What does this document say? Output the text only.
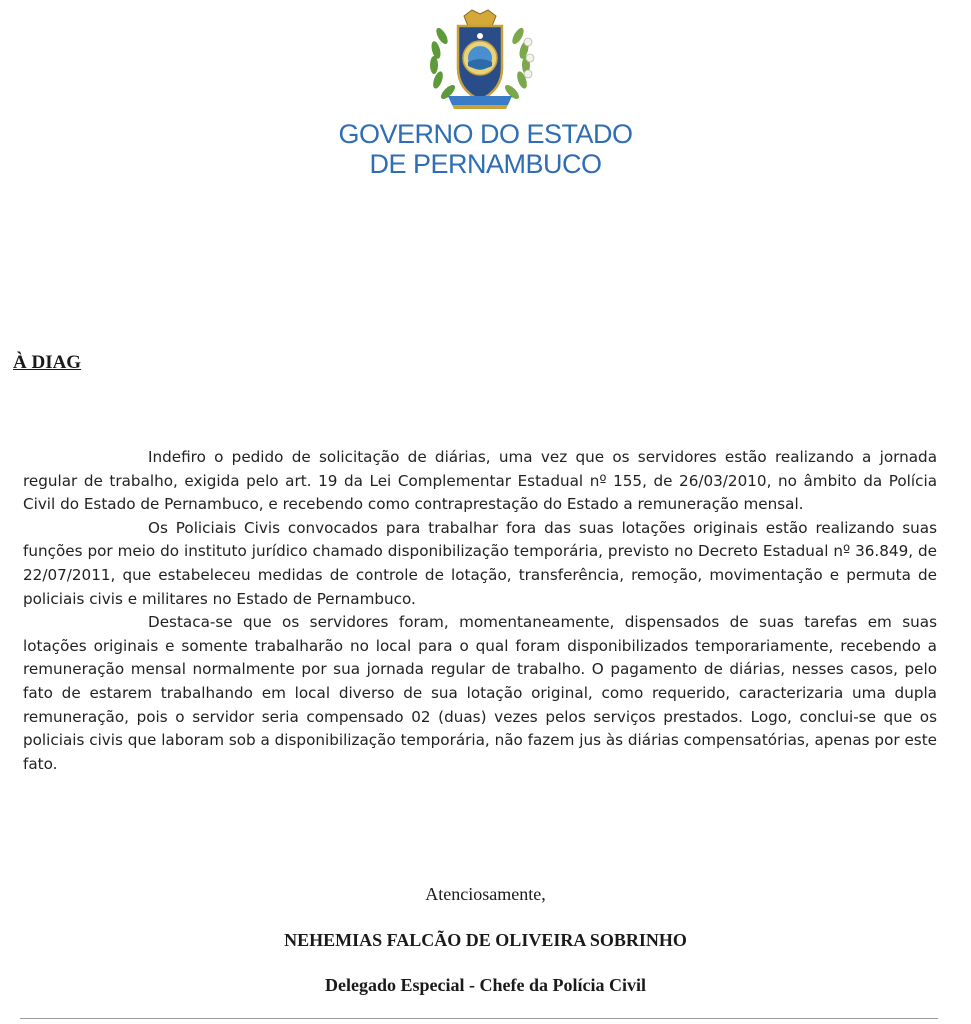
GOVERNO DO ESTADO
DE PERNAMBUCO
À DIAG

Indefiro o pedido de solicitação de diárias, uma vez que os servidores estão realizando a jornada regular de trabalho, exigida pelo art. 19 da Lei Complementar Estadual nº 155, de 26/03/2010, no âmbito da Polícia Civil do Estado de Pernambuco, e recebendo como contraprestação do Estado a remuneração mensal.

Os Policiais Civis convocados para trabalhar fora das suas lotações originais estão realizando suas funções por meio do instituto jurídico chamado disponibilização temporária, previsto no Decreto Estadual nº 36.849, de 22/07/2011, que estabeleceu medidas de controle de lotação, transferência, remoção, movimentação e permuta de policiais civis e militares no Estado de Pernambuco.

Destaca-se que os servidores foram, momentaneamente, dispensados de suas tarefas em suas lotações originais e somente trabalharão no local para o qual foram disponibilizados temporariamente, recebendo a remuneração mensal normalmente por sua jornada regular de trabalho. O pagamento de diárias, nesses casos, pelo fato de estarem trabalhando em local diverso de sua lotação original, como requerido, caracterizaria uma dupla remuneração, pois o servidor seria compensado 02 (duas) vezes pelos serviços prestados. Logo, conclui-se que os policiais civis que laboram sob a disponibilização temporária, não fazem jus às diárias compensatórias, apenas por este fato.

Atenciosamente,
NEHEMIAS FALCÃO DE OLIVEIRA SOBRINHO
Delegado Especial - Chefe da Polícia Civil
